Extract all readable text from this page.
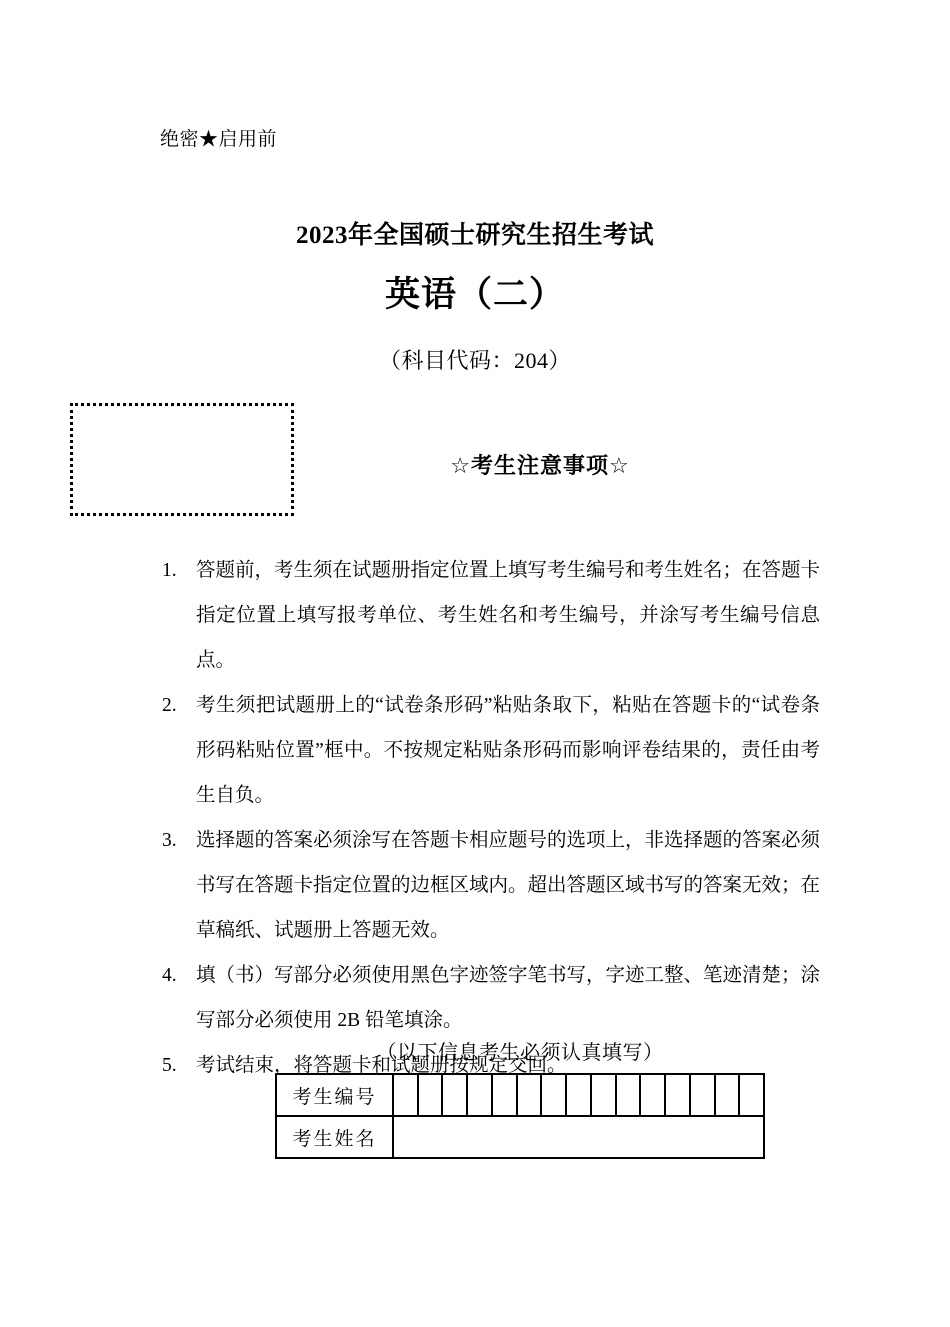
绝密★启用前
2023年全国硕士研究生招生考试
英语（二）
（科目代码：204）
☆考生注意事项☆
1. 答题前，考生须在试题册指定位置上填写考生编号和考生姓名；在答题卡指定位置上填写报考单位、考生姓名和考生编号，并涂写考生编号信息点。
2. 考生须把试题册上的“试卷条形码”粘贴条取下，粘贴在答题卡的“试卷条形码粘贴位置”框中。不按规定粘贴条形码而影响评卷结果的，责任由考生自负。
3. 选择题的答案必须涂写在答题卡相应题号的选项上，非选择题的答案必须书写在答题卡指定位置的边框区域内。超出答题区域书写的答案无效；在草稿纸、试题册上答题无效。
4. 填（书）写部分必须使用黑色字迹签字笔书写，字迹工整、笔迹清楚；涂写部分必须使用 2B 铅笔填涂。
5. 考试结束，将答题卡和试题册按规定交回。
（以下信息考生必须认真填写）
考生编号	

考生姓名	
